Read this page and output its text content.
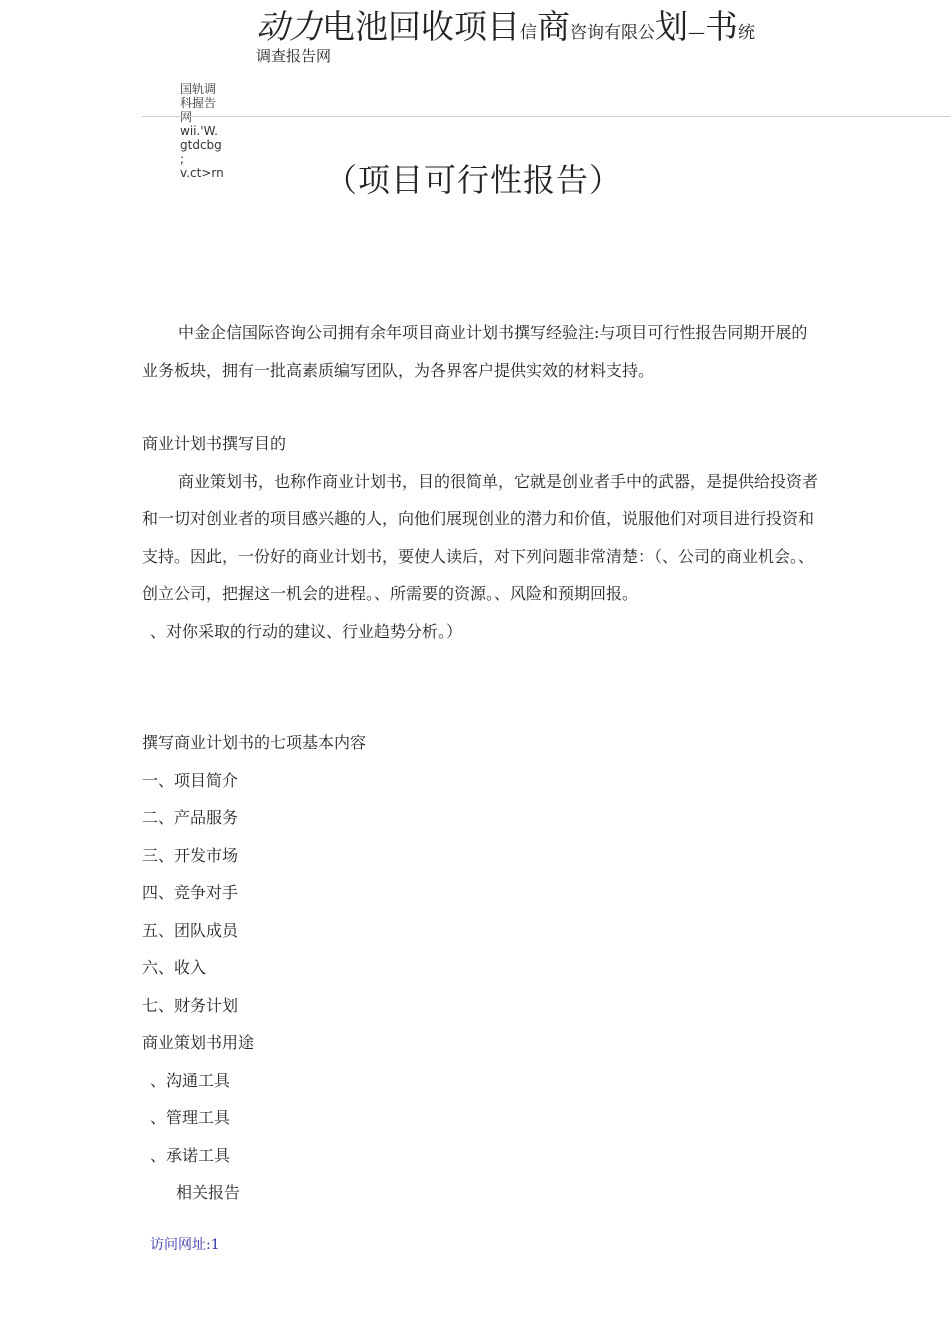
动力电池回收项目信商咨询有限公划—书统
调查报告网
国轨调
科握告
网
wii.'W.
gtdcbg
;
v.ct>rn	（项目可行性报告）

中金企信国际咨询公司拥有余年项目商业计划书撰写经验注:与项目可行性报告同期开展的业务板块，拥有一批高素质编写团队，为各界客户提供实效的材料支持。

商业计划书撰写目的

商业策划书，也称作商业计划书，目的很简单，它就是创业者手中的武器，是提供给投资者和一切对创业者的项目感兴趣的人，向他们展现创业的潜力和价值，说服他们对项目进行投资和支持。因此，一份好的商业计划书，要使人读后，对下列问题非常清楚：（、公司的商业机会。、创立公司，把握这一机会的进程。、所需要的资源。、风险和预期回报。

、对你采取的行动的建议、行业趋势分析。）

撰写商业计划书的七项基本内容

一、项目简介

二、产品服务

三、开发市场

四、竞争对手

五、团队成员

六、收入

七、财务计划

商业策划书用途

、沟通工具

、管理工具

、承诺工具

相关报告

访问网址:1
